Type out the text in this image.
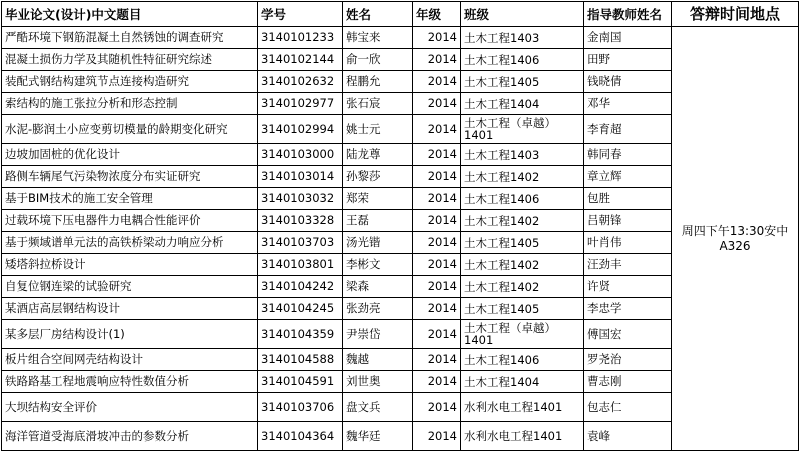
毕业论文(设计)中文题目	学号	姓名	年级	班级	指导教师姓名	答辩时间地点
严酷环境下钢筋混凝土自然锈蚀的调查研究	3140101233	韩宝来	2014	土木工程1403	金南国	周四下午13:30安中A326
混凝土损伤力学及其随机性特征研究综述	3140102144	俞一欣	2014	土木工程1406	田野	
装配式钢结构建筑节点连接构造研究	3140102632	程鹏允	2014	土木工程1405	钱晓倩	
索结构的施工张拉分析和形态控制	3140102977	张石宸	2014	土木工程1404	邓华	
水泥-膨润土小应变剪切模量的龄期变化研究	3140102994	姚士元	2014	土木工程（卓越）1401	李育超	
边坡加固桩的优化设计	3140103000	陆龙尊	2014	土木工程1403	韩同春	
路侧车辆尾气污染物浓度分布实证研究	3140103014	孙黎莎	2014	土木工程1402	章立辉	
基于BIM技术的施工安全管理	3140103032	郑荣	2014	土木工程1406	包胜	
过载环境下压电器件力电耦合性能评价	3140103328	王磊	2014	土木工程1402	吕朝锋	
基于频域谱单元法的高铁桥梁动力响应分析	3140103703	汤光锴	2014	土木工程1405	叶肖伟	
矮塔斜拉桥设计	3140103801	李彬文	2014	土木工程1402	汪劲丰	
自复位钢连梁的试验研究	3140104242	梁森	2014	土木工程1402	许贤	
某酒店高层钢结构设计	3140104245	张劲亮	2014	土木工程1405	李忠学	
某多层厂房结构设计(1)	3140104359	尹崇岱	2014	土木工程（卓越）1401	傅国宏	
板片组合空间网壳结构设计	3140104588	魏越	2014	土木工程1406	罗尧治	
铁路路基工程地震响应特性数值分析	3140104591	刘世奥	2014	土木工程1404	曹志刚	
大坝结构安全评价	3140103706	盘文兵	2014	水利水电工程1401	包志仁	
海洋管道受海底滑坡冲击的参数分析	3140104364	魏华廷	2014	水利水电工程1401	袁峰	
